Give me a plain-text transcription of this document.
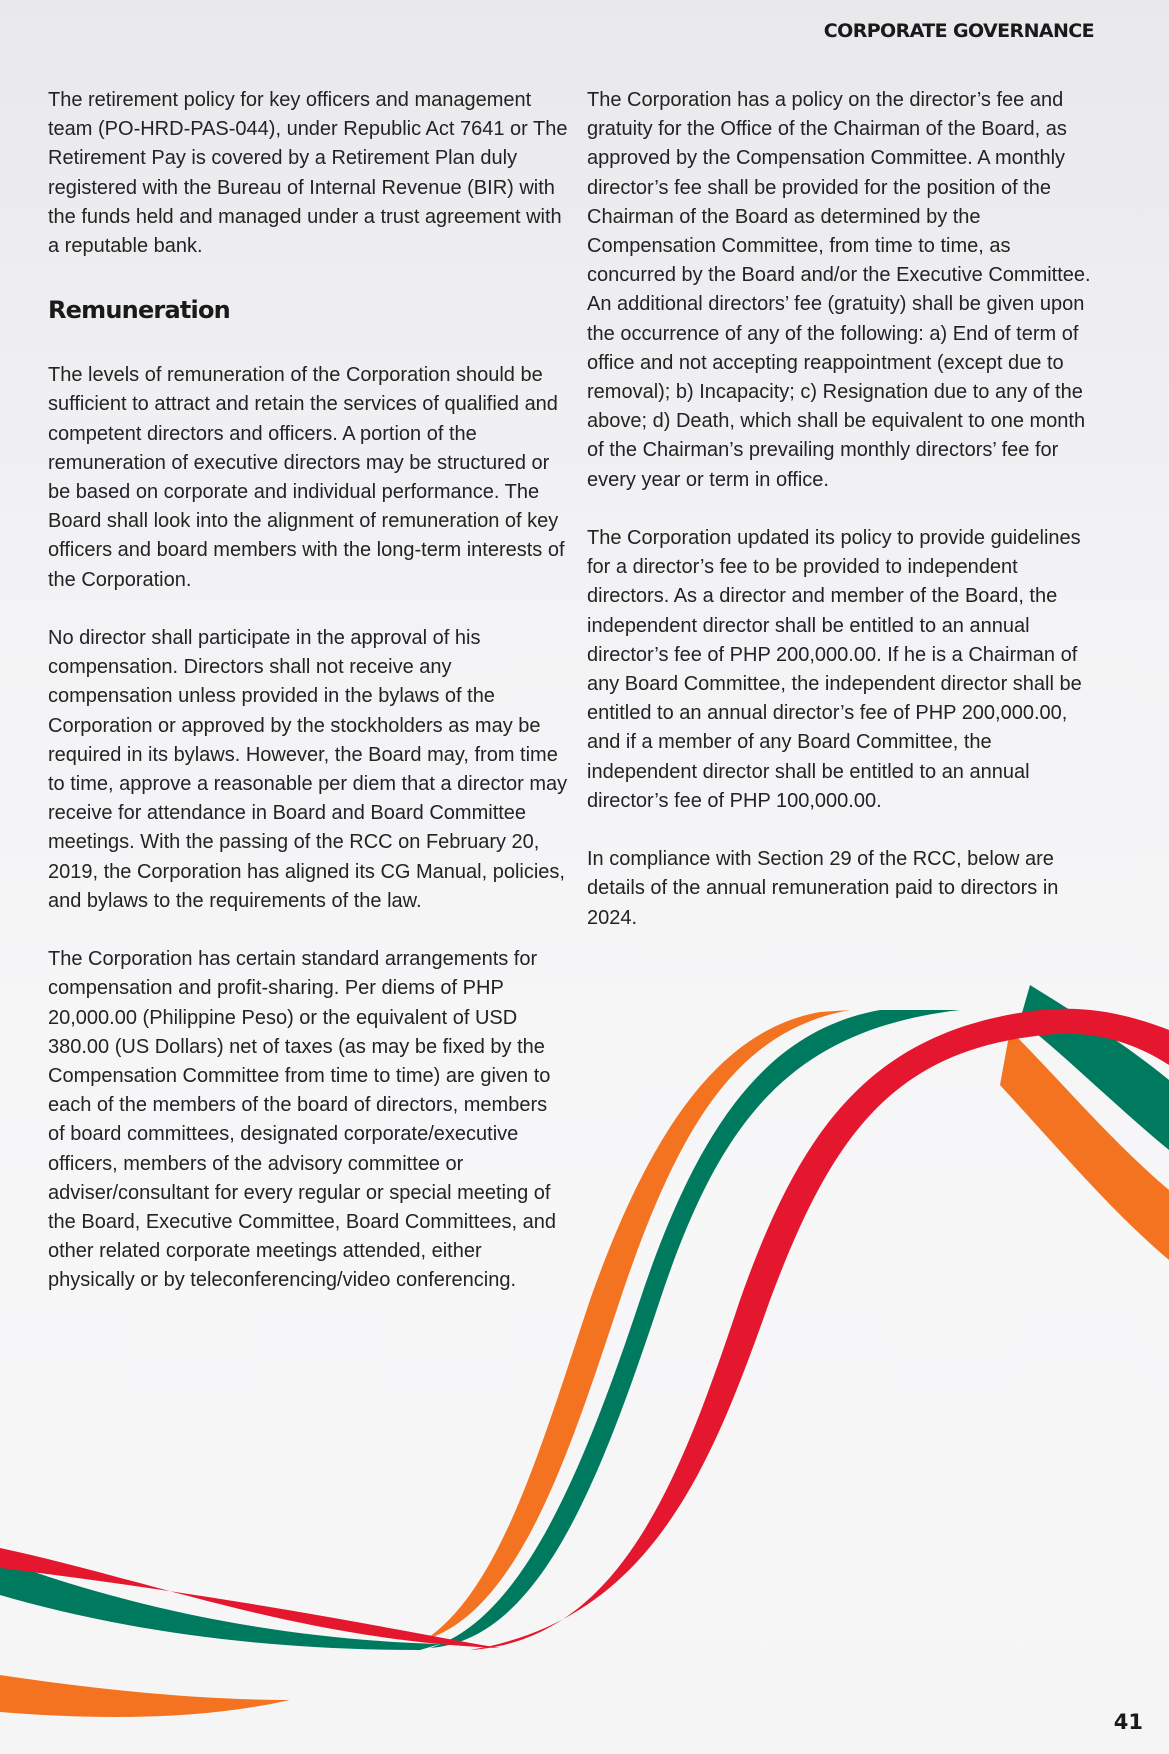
CORPORATE GOVERNANCE

The retirement policy for key officers and management team (PO-HRD-PAS-044), under Republic Act 7641 or The Retirement Pay is covered by a Retirement Plan duly registered with the Bureau of Internal Revenue (BIR) with the funds held and managed under a trust agreement with a reputable bank.

Remuneration

The levels of remuneration of the Corporation should be sufficient to attract and retain the services of qualified and competent directors and officers. A portion of the remuneration of executive directors may be structured or be based on corporate and individual performance. The Board shall look into the alignment of remuneration of key officers and board members with the long-term interests of the Corporation.

No director shall participate in the approval of his compensation. Directors shall not receive any compensation unless provided in the bylaws of the Corporation or approved by the stockholders as may be required in its bylaws. However, the Board may, from time to time, approve a reasonable per diem that a director may receive for attendance in Board and Board Committee meetings. With the passing of the RCC on February 20, 2019, the Corporation has aligned its CG Manual, policies, and bylaws to the requirements of the law.

The Corporation has certain standard arrangements for compensation and profit-sharing. Per diems of PHP 20,000.00 (Philippine Peso) or the equivalent of USD 380.00 (US Dollars) net of taxes (as may be fixed by the Compensation Committee from time to time) are given to each of the members of the board of directors, members of board committees, designated corporate/executive officers, members of the advisory committee or adviser/consultant for every regular or special meeting of the Board, Executive Committee, Board Committees, and other related corporate meetings attended, either physically or by teleconferencing/video conferencing.

The Corporation has a policy on the director’s fee and gratuity for the Office of the Chairman of the Board, as approved by the Compensation Committee. A monthly director’s fee shall be provided for the position of the Chairman of the Board as determined by the Compensation Committee, from time to time, as concurred by the Board and/or the Executive Committee. An additional directors’ fee (gratuity) shall be given upon the occurrence of any of the following: a) End of term of office and not accepting reappointment (except due to removal); b) Incapacity; c) Resignation due to any of the above; d) Death, which shall be equivalent to one month of the Chairman’s prevailing monthly directors’ fee for every year or term in office.

The Corporation updated its policy to provide guidelines for a director’s fee to be provided to independent directors. As a director and member of the Board, the independent director shall be entitled to an annual director’s fee of PHP 200,000.00. If he is a Chairman of any Board Committee, the independent director shall be entitled to an annual director’s fee of PHP 200,000.00, and if a member of any Board Committee, the independent director shall be entitled to an annual director’s fee of PHP 100,000.00.

In compliance with Section 29 of the RCC, below are details of the annual remuneration paid to directors in 2024.

41
